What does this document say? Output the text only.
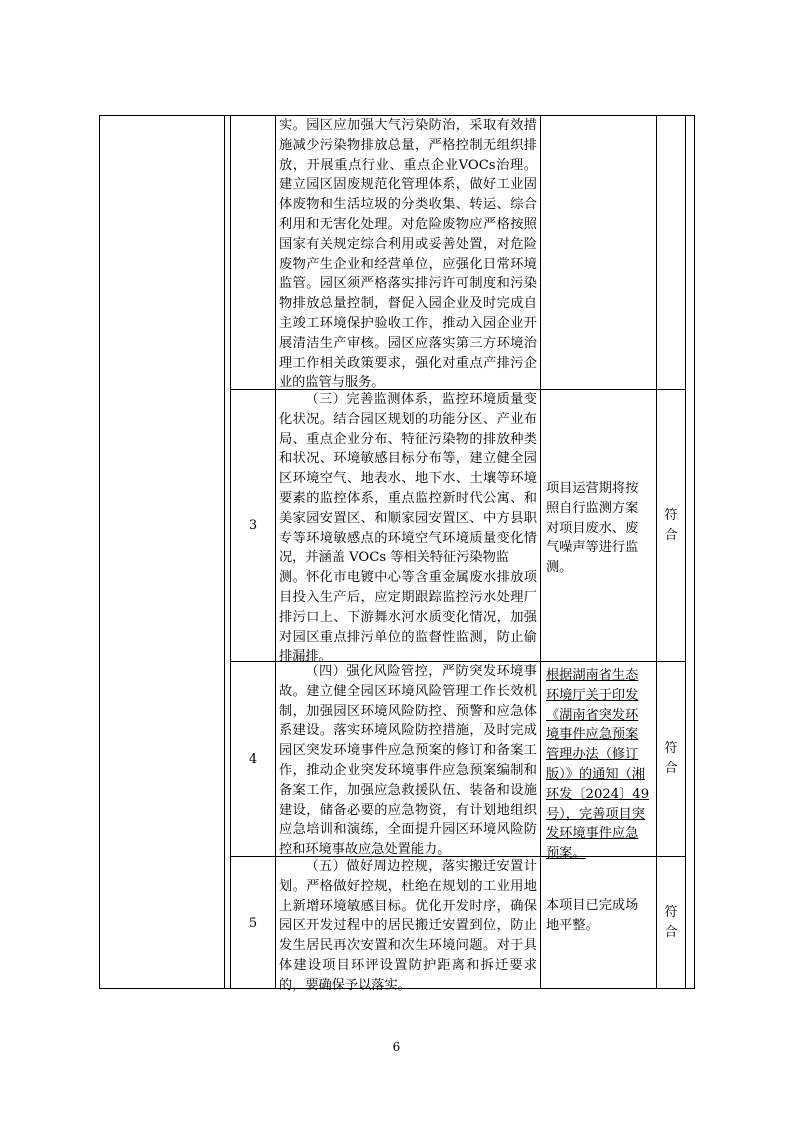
实。园区应加强大气污染防治，采取有效措施减少污染物排放总量，严格控制无组织排放，开展重点行业、重点企业VOCs治理。建立园区固废规范化管理体系，做好工业固体废物和生活垃圾的分类收集、转运、综合利用和无害化处理。对危险废物应严格按照国家有关规定综合利用或妥善处置，对危险废物产生企业和经营单位，应强化日常环境监管。园区须严格落实排污许可制度和污染物排放总量控制，督促入园企业及时完成自主竣工环境保护验收工作，推动入园企业开展清洁生产审核。园区应落实第三方环境治理工作相关政策要求，强化对重点产排污企业的监管与服务。
3
（三）完善监测体系，监控环境质量变化状况。结合园区规划的功能分区、产业布局、重点企业分布、特征污染物的排放种类和状况、环境敏感目标分布等，建立健全园区环境空气、地表水、地下水、土壤等环境要素的监控体系，重点监控新时代公寓、和美家园安置区、和顺家园安置区、中方县职专等环境敏感点的环境空气环境质量变化情况，并涵盖 VOCs 等相关特征污染物监
测。怀化市电镀中心等含重金属废水排放项目投入生产后，应定期跟踪监控污水处理厂排污口上、下游舞水河水质变化情况，加强对园区重点排污单位的监督性监测，防止偷排漏排。
项目运营期将按照自行监测方案对项目废水、废气噪声等进行监测。
符合
4
（四）强化风险管控，严防突发环境事故。建立健全园区环境风险管理工作长效机制，加强园区环境风险防控、预警和应急体系建设。落实环境风险防控措施，及时完成园区突发环境事件应急预案的修订和备案工作，推动企业突发环境事件应急预案编制和备案工作，加强应急救援队伍、装备和设施建设，储备必要的应急物资，有计划地组织应急培训和演练，全面提升园区环境风险防控和环境事故应急处置能力。
根据湖南省生态环境厅关于印发《湖南省突发环境事件应急预案管理办法（修订版）》的通知（湘环发〔2024〕49号），完善项目突发环境事件应急预案。
符合
5
（五）做好周边控规，落实搬迁安置计划。严格做好控规，杜绝在规划的工业用地上新增环境敏感目标。优化开发时序，确保园区开发过程中的居民搬迁安置到位，防止发生居民再次安置和次生环境问题。对于具体建设项目环评设置防护距离和拆迁要求的，要确保予以落实。
本项目已完成场地平整。
符合
6
